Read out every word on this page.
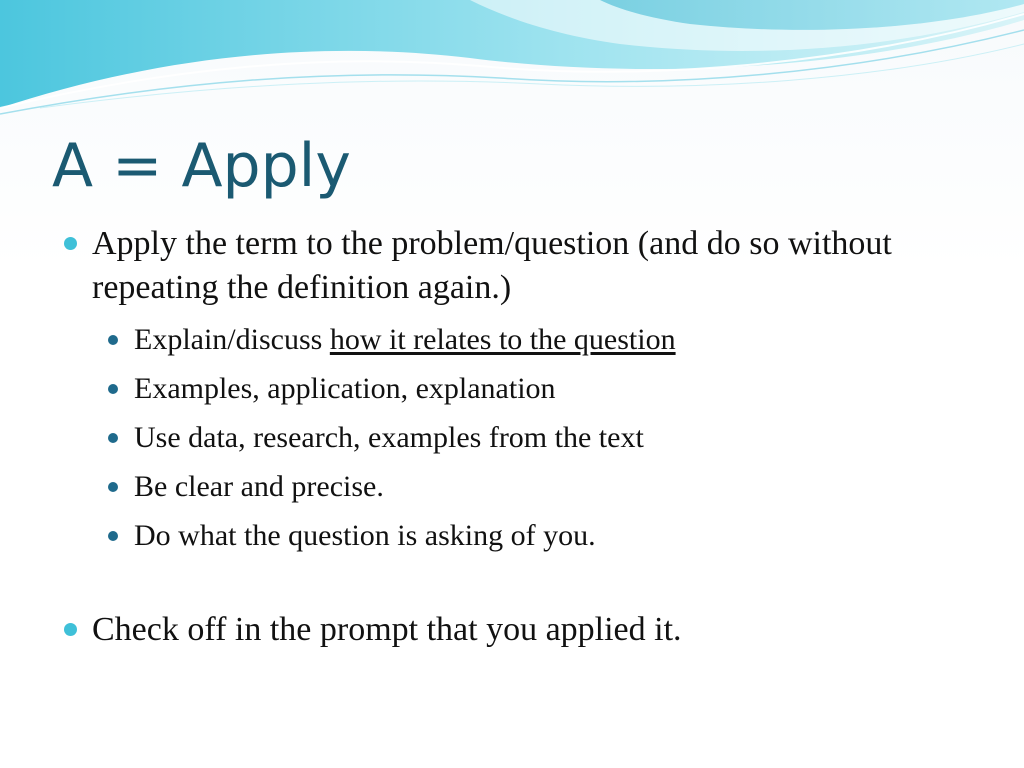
A = Apply
Apply the term to the problem/question (and do so without repeating the definition again.)
Explain/discuss how it relates to the question
Examples, application, explanation
Use data, research, examples from the text
Be clear and precise.
Do what the question is asking of you.
Check off in the prompt that you applied it.
